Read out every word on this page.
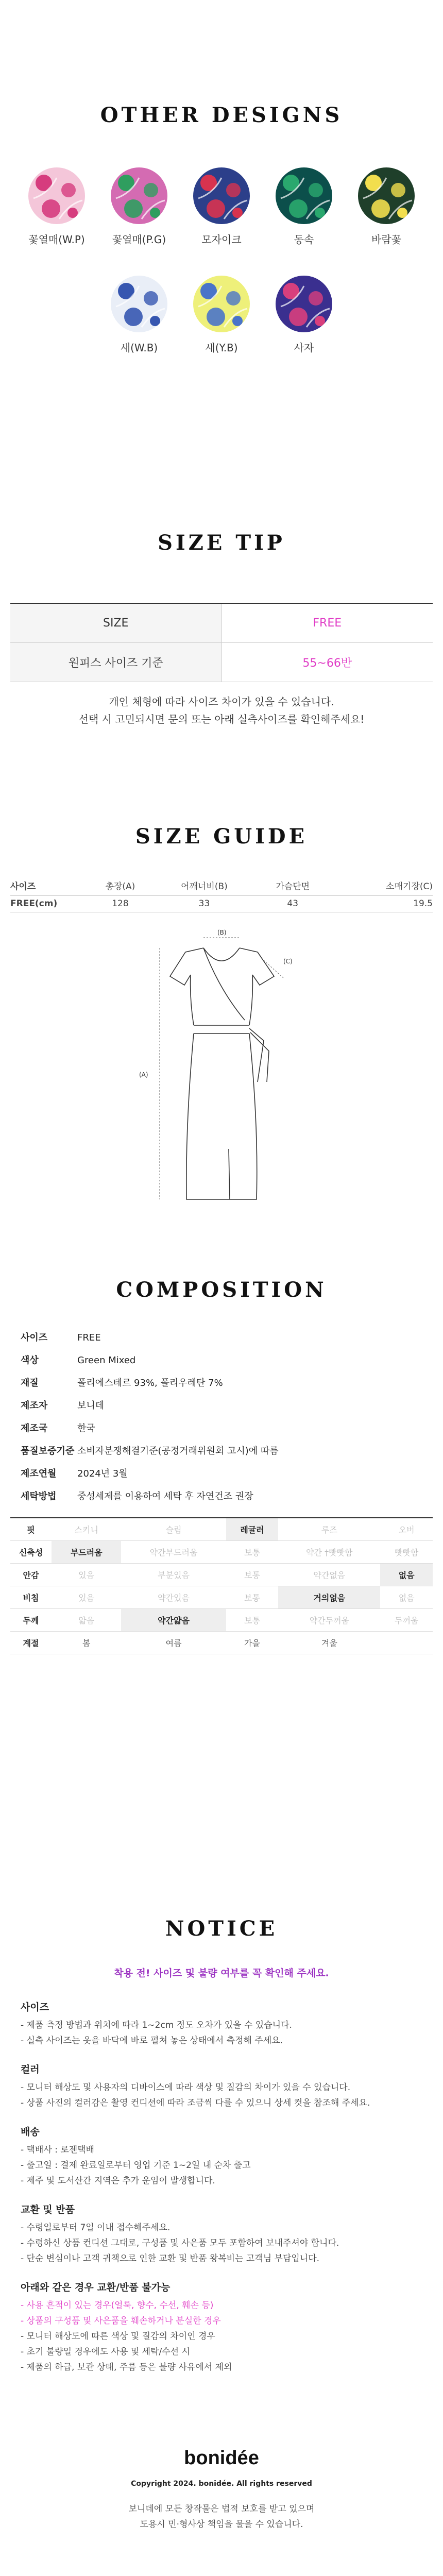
OTHER DESIGNS
꽃열매(W.P)	꽃열매(P.G)	모자이크	동속	바람꽃
새(W.B)	새(Y.B)	사자
SIZE TIP
SIZE	FREE
원피스 사이즈 기준	55~66반
개인 체형에 따라 사이즈 차이가 있을 수 있습니다.
선택 시 고민되시면 문의 또는 아래 실측사이즈를 확인해주세요!
SIZE GUIDE
사이즈	총장(A)	어깨너비(B)	가슴단면	소매기장(C)
FREE(cm)	128	33	43	19.5
(B)
(C)
(A)
COMPOSITION
사이즈	FREE
색상	Green Mixed
재질	폴리에스테르 93%, 폴리우레탄 7%
제조자	보니데
제조국	한국
품질보증기준 소비자분쟁해결기준(공정거래위원회 고시)에 따름
제조연월 2024년 3월
세탁방법 중성세제를 이용하여 세탁 후 자연건조 권장
핏	스키니	슬림	레귤러	루즈	오버
신축성	부드러움	약간부드러움	보통	약간 †빳빳함	빳빳함
안감	있음	부분있음	보통	약간없음	없음
비침	있음	약간있음	보통	거의없음	없음
두께	얇음	약간얇음	보통	약간두꺼움	두꺼움
계절	봄	여름	가을	겨울	
NOTICE
착용 전! 사이즈 및 불량 여부를 꼭 확인해 주세요.
사이즈
- 제품 측정 방법과 위치에 따라 1~2cm 정도 오차가 있을 수 있습니다.
- 실측 사이즈는 옷을 바닥에 바로 펼쳐 놓은 상태에서 측정해 주세요.
컬러
- 모니터 해상도 및 사용자의 디바이스에 따라 색상 및 질감의 차이가 있을 수 있습니다.
- 상품 사진의 컬러감은 촬영 컨디션에 따라 조금씩 다를 수 있으니 상세 컷을 참조해 주세요.
배송
- 택배사 : 로젠택배
- 출고일 : 결제 완료일로부터 영업 기준 1~2일 내 순차 출고
- 제주 및 도서산간 지역은 추가 운임이 발생합니다.
교환 및 반품
- 수령일로부터 7일 이내 접수해주세요.
- 수령하신 상품 컨디션 그대로, 구성품 및 사은품 모두 포함하여 보내주셔야 합니다.
- 단순 변심이나 고객 귀책으로 인한 교환 및 반품 왕복비는 고객님 부담입니다.
아래와 같은 경우 교환/반품 불가능
- 사용 흔적이 있는 경우(얼룩, 향수, 수선, 훼손 등)
- 상품의 구성품 및 사은품을 훼손하거나 분실한 경우
- 모니터 해상도에 따른 색상 및 질감의 차이인 경우
- 초기 불량일 경우에도 사용 및 세탁/수선 시
- 제품의 하급, 보관 상태, 주름 등은 불량 사유에서 제외
bonidée
Copyright 2024. bonidée. All rights reserved
보니데에 모든 창작물은 법적 보호를 받고 있으며
도용시 민·형사상 책임을 물을 수 있습니다.
